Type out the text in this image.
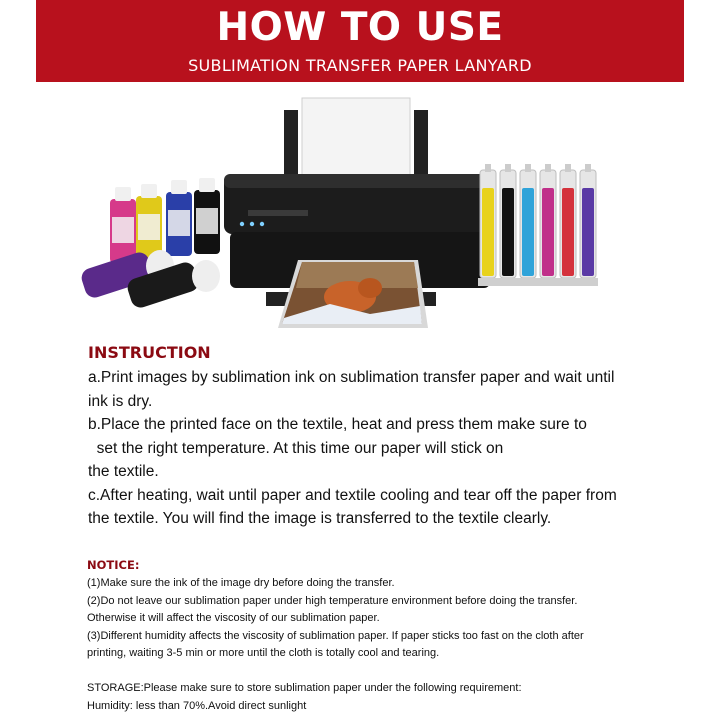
HOW TO USE
SUBLIMATION TRANSFER PAPER LANYARD
INSTRUCTION

a.Print images by sublimation ink on sublimation transfer paper and wait until

ink is dry.

b.Place the printed face on the textile, heat and press them make sure to

set the right temperature. At this time our paper will stick on

the textile.

c.After heating, wait until paper and textile cooling and tear off the paper from

the textile. You will find the image is transferred to the textile clearly.

NOTICE:

(1)Make sure the ink of the image dry before doing the transfer.

(2)Do not leave our sublimation paper under high temperature environment before doing the transfer.

Otherwise it will affect the viscosity of our sublimation paper.

(3)Different humidity affects the viscosity of sublimation paper. If paper sticks too fast on the cloth after

printing, waiting 3-5 min or more until the cloth is totally cool and tearing.

STORAGE:Please make sure to store sublimation paper under the following requirement:

Humidity: less than 70%.Avoid direct sunlight
